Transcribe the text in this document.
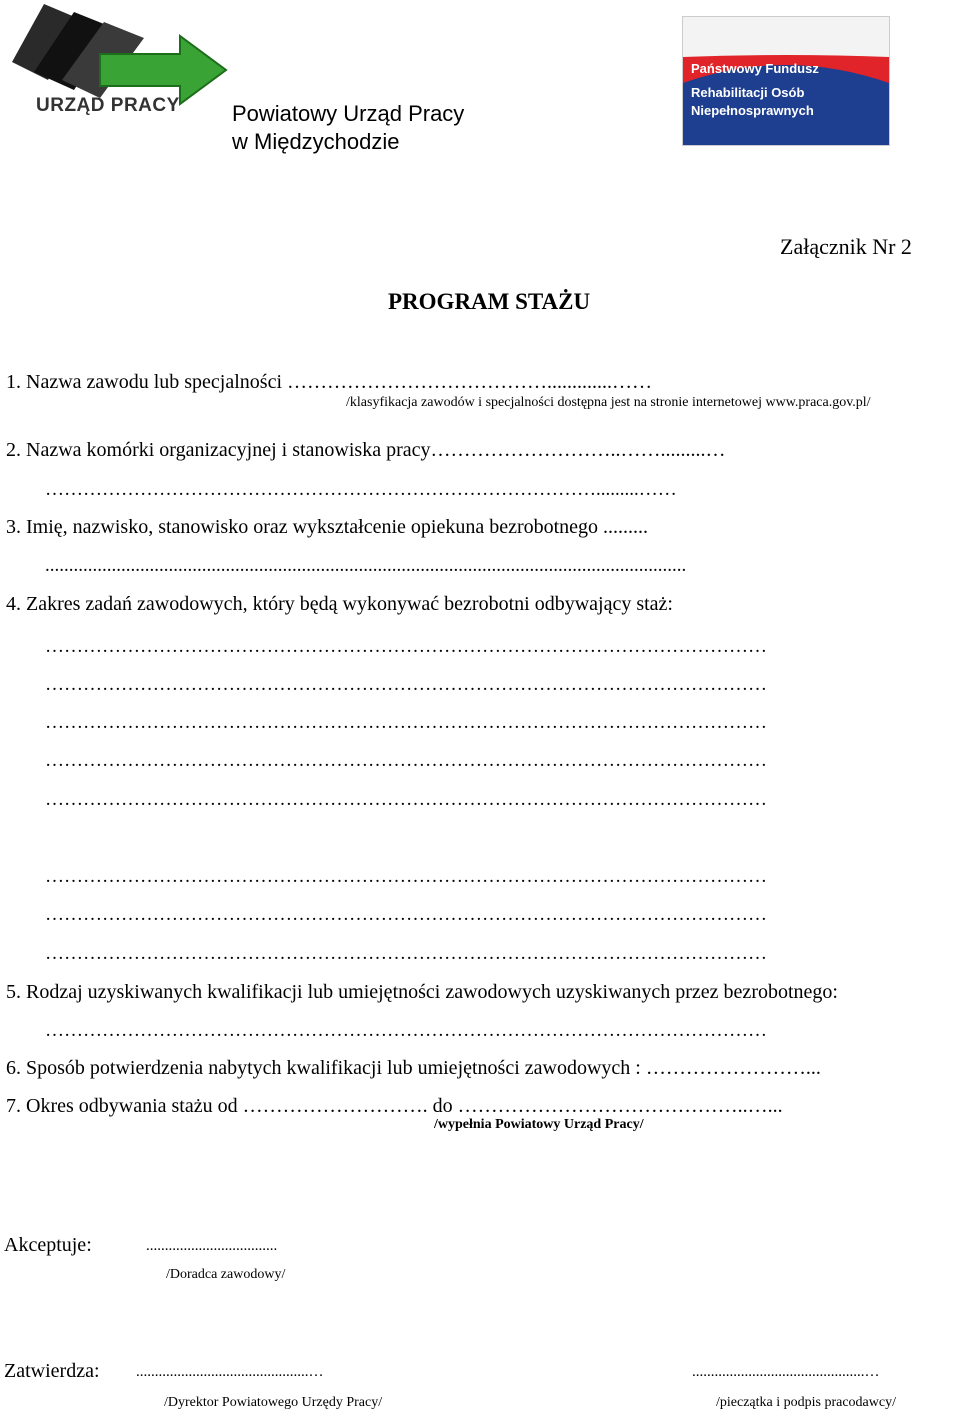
URZĄD PRACY Powiatowy Urząd Pracy
w Międzychodzie
Państwowy Fundusz
Rehabilitacji Osób
Niepełnosprawnych
Załącznik Nr 2
PROGRAM STAŻU
1. Nazwa zawodu lub specjalności ………………………………….............……
/klasyfikacja zawodów i specjalności dostępna jest na stronie internetowej www.praca.gov.pl/
2. Nazwa komórki organizacyjnej i stanowiska pracy………………………..…….........…
…………………………………………………………………………….........……
3. Imię, nazwisko, stanowisko oraz wykształcenie opiekuna bezrobotnego .........
.......................................................................................................................................
4. Zakres zadań zawodowych, który będą wykonywać bezrobotni odbywający staż:
……………………………………………………………………………………………………
……………………………………………………………………………………………………
……………………………………………………………………………………………………
……………………………………………………………………………………………………
……………………………………………………………………………………………………
……………………………………………………………………………………………………
……………………………………………………………………………………………………
……………………………………………………………………………………………………
5. Rodzaj uzyskiwanych kwalifikacji lub umiejętności zawodowych uzyskiwanych przez bezrobotnego:
……………………………………………………………………………………………………
6. Sposób potwierdzenia nabytych kwalifikacji lub umiejętności zawodowych : ……………………...
7. Okres odbywania stażu od ………………………. do ……………………………………..…...
/wypełnia Powiatowy Urząd Pracy/
Akceptuje:	...................................
/Doradca zawodowy/
Zatwierdza: ..............................................…
/Dyrektor Powiatowego Urzędy Pracy/
..............................................…
/pieczątka i podpis pracodawcy/
